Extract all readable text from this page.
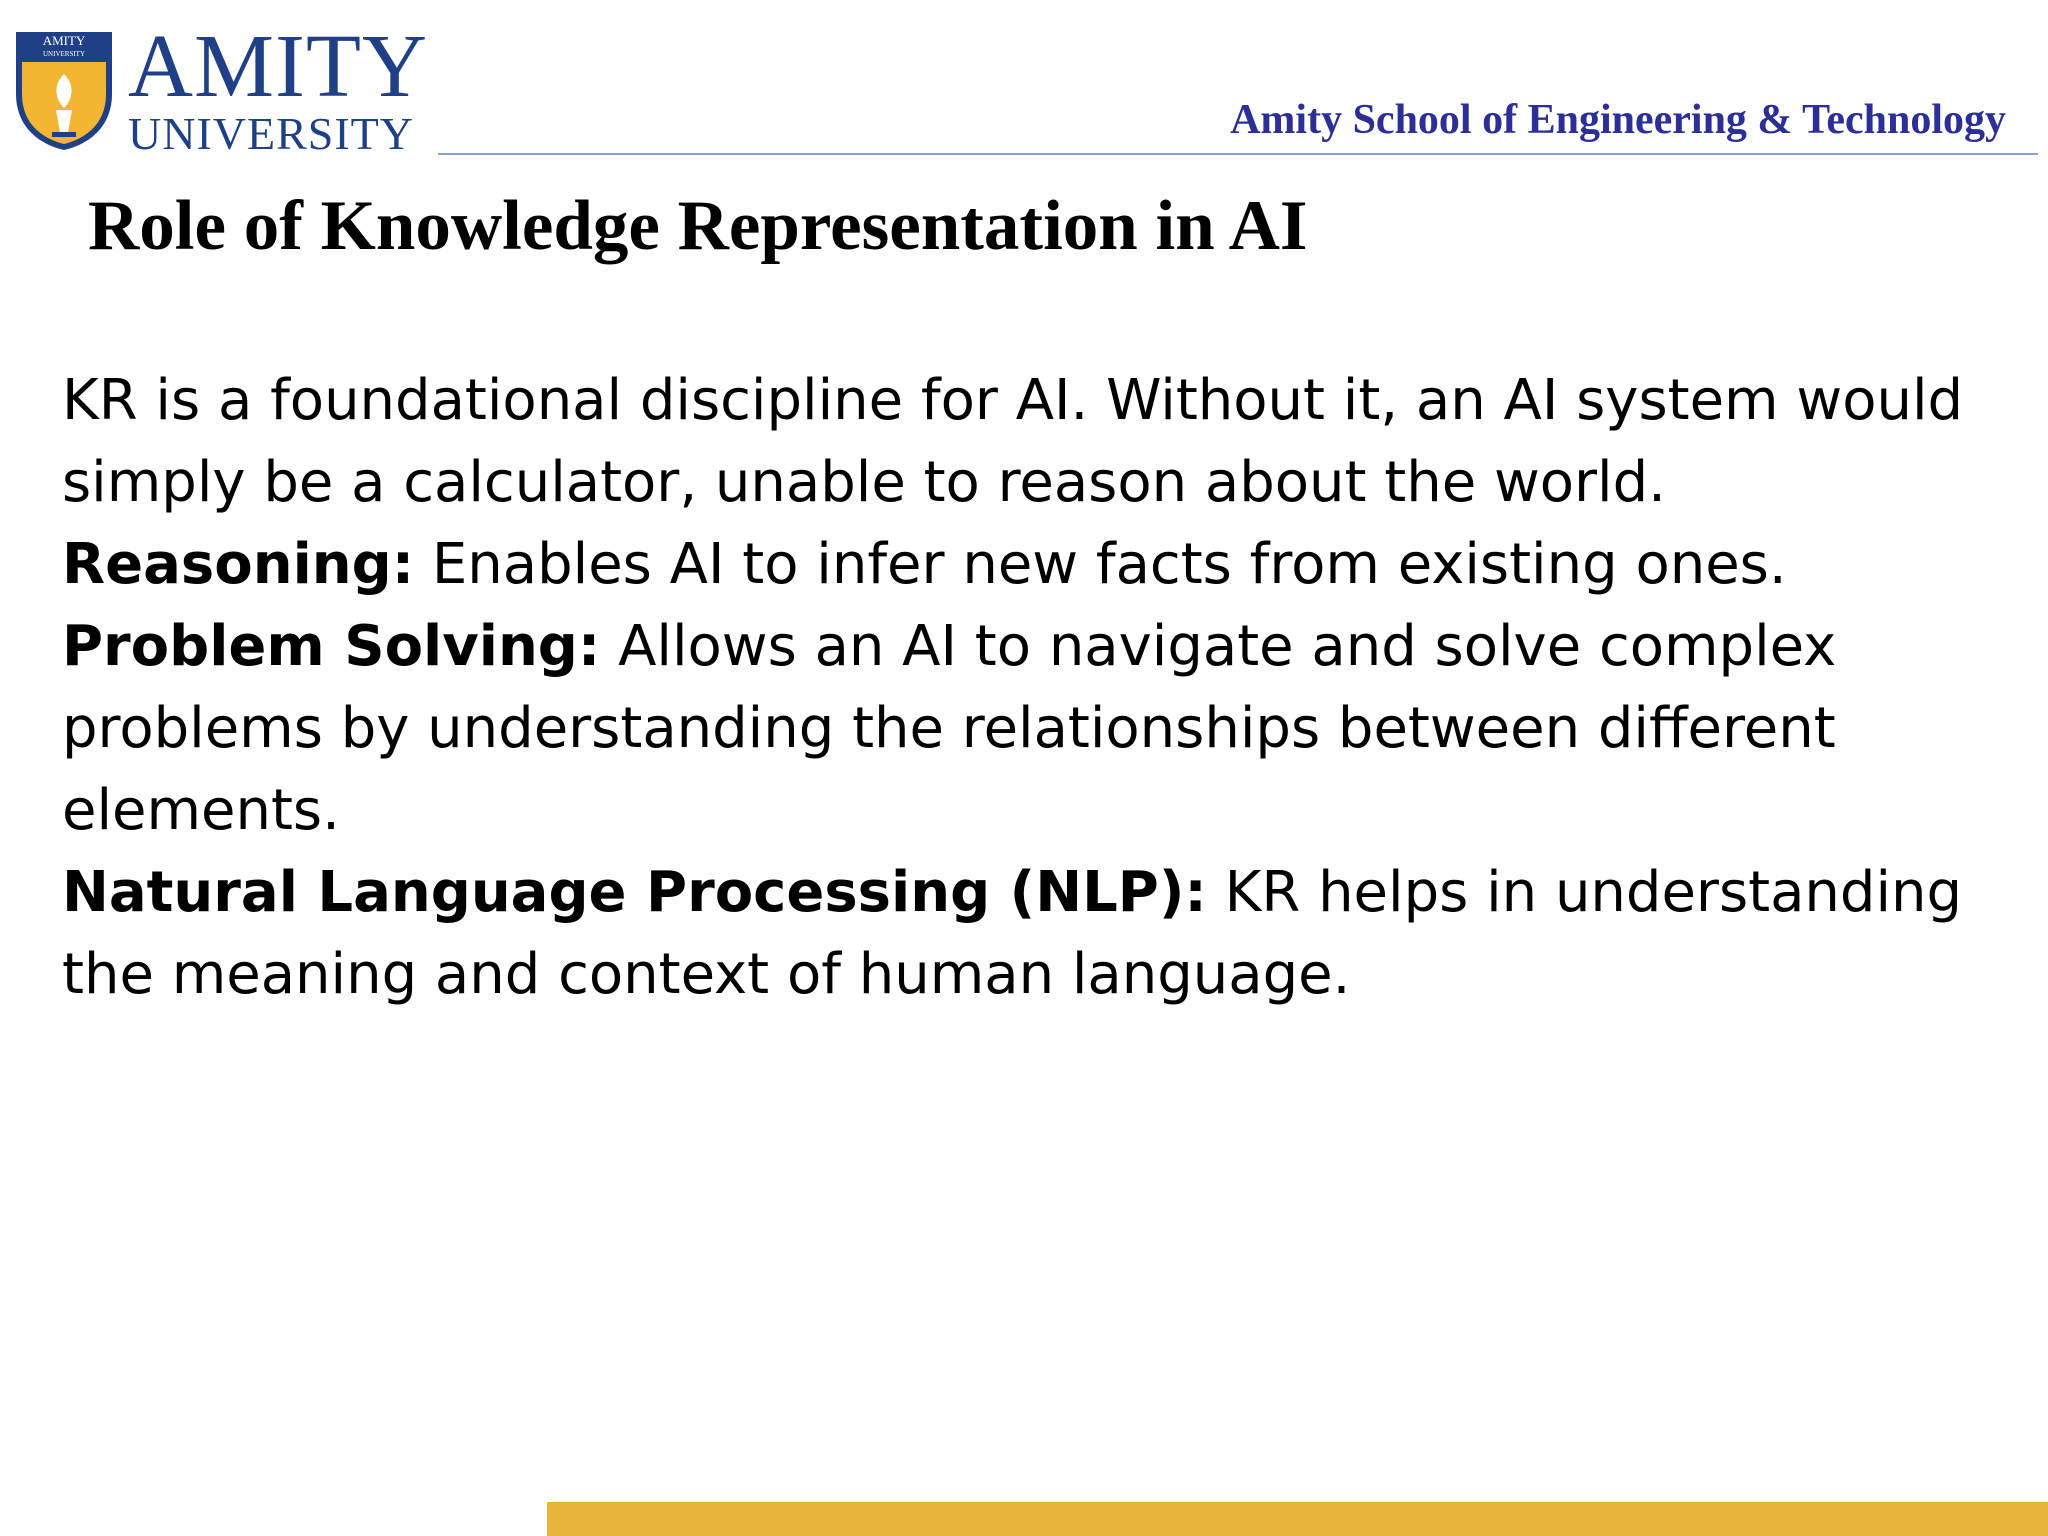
AMITY
UNIVERSITY AMITY
UNIVERSITY	Amity School of Engineering & Technology
Role of Knowledge Representation in AI

KR is a foundational discipline for AI. Without it, an AI system would simply be a calculator, unable to reason about the world.

Reasoning: Enables AI to infer new facts from existing ones.

Problem Solving: Allows an AI to navigate and solve complex problems by understanding the relationships between different elements.

Natural Language Processing (NLP): KR helps in understanding the meaning and context of human language.
